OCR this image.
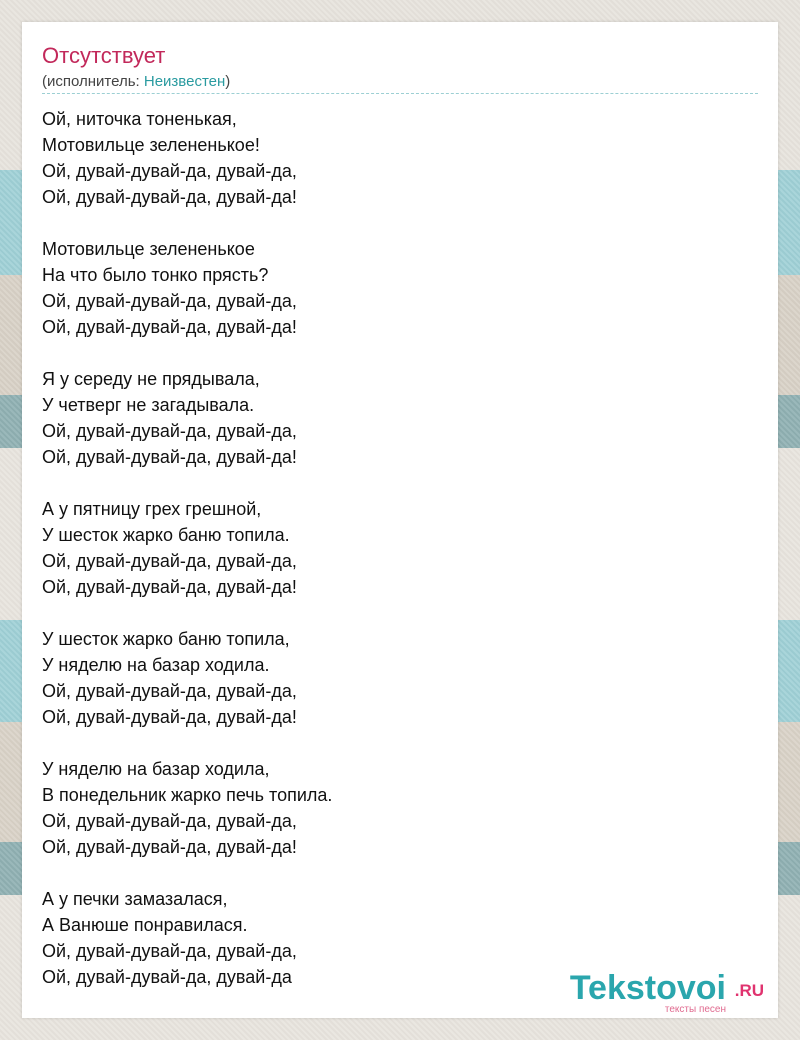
Отсутствует
(исполнитель: Неизвестен)
Ой, ниточка тоненькая,
Мотовильце зелененькое!
Ой, дувай-дувай-да, дувай-да,
Ой, дувай-дувай-да, дувай-да!
Мотовильце зелененькое
На что было тонко прясть?
Ой, дувай-дувай-да, дувай-да,
Ой, дувай-дувай-да, дувай-да!
Я у середу не прядывала,
У четверг не загадывала.
Ой, дувай-дувай-да, дувай-да,
Ой, дувай-дувай-да, дувай-да!
А у пятницу грех грешной,
У шесток жарко баню топила.
Ой, дувай-дувай-да, дувай-да,
Ой, дувай-дувай-да, дувай-да!
У шесток жарко баню топила,
У няделю на базар ходила.
Ой, дувай-дувай-да, дувай-да,
Ой, дувай-дувай-да, дувай-да!
У няделю на базар ходила,
В понедельник жарко печь топила.
Ой, дувай-дувай-да, дувай-да,
Ой, дувай-дувай-да, дувай-да!
А у печки замазалася,
А Ванюше понравилася.
Ой, дувай-дувай-да, дувай-да,
Ой, дувай-дувай-да, дувай-да	Tekstovoi .RU
тексты песен
